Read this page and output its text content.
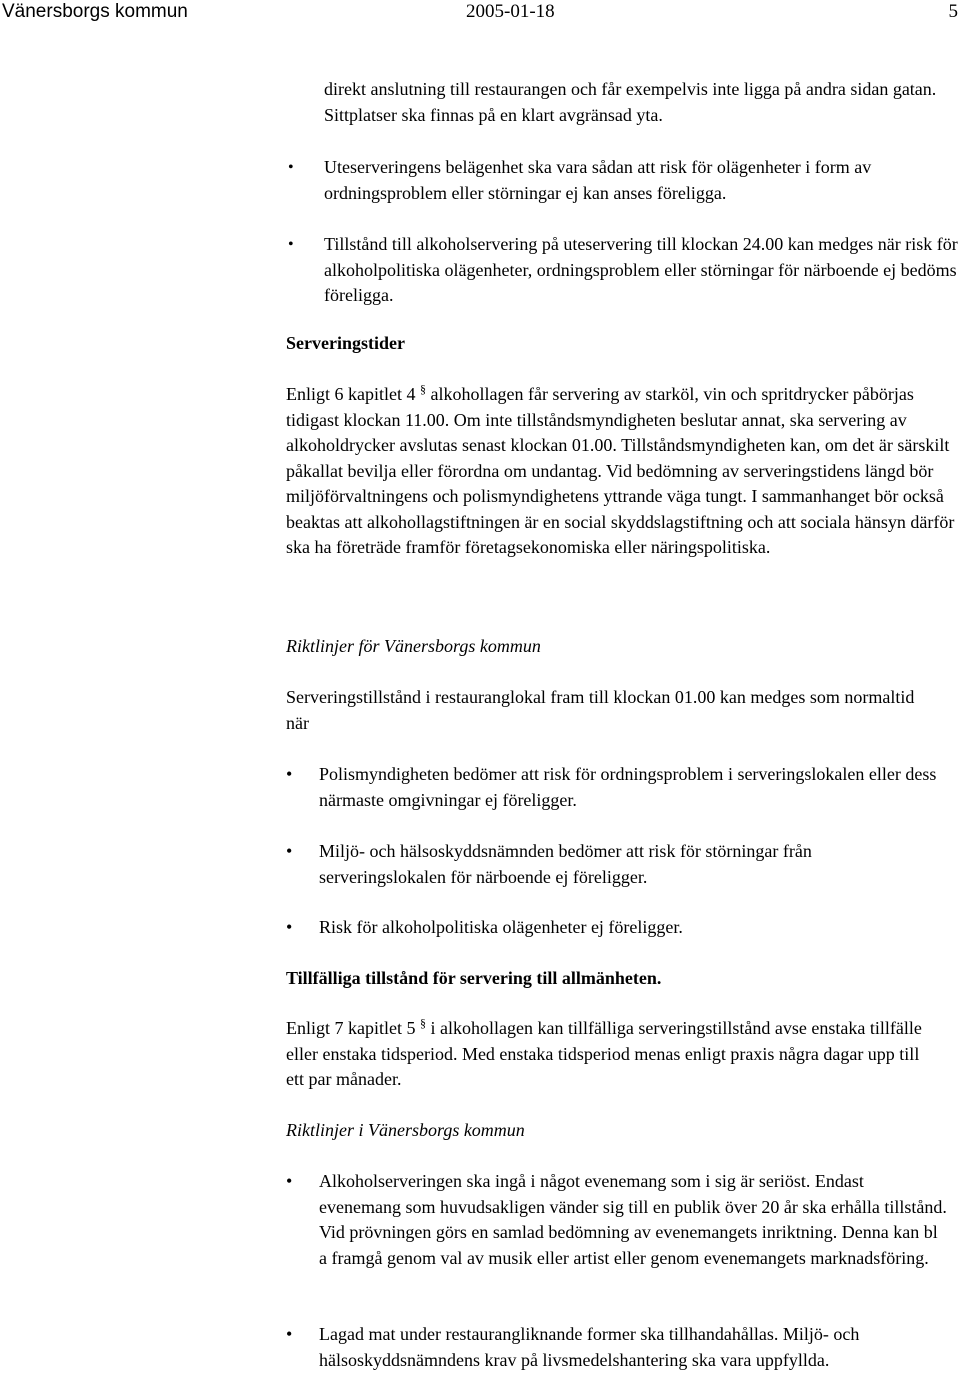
Vänersborgs kommun	2005-01-18	5

direkt anslutning till restaurangen och får exempelvis inte ligga på andra sidan gatan. Sittplatser ska finnas på en klart avgränsad yta.

• Uteserveringens belägenhet ska vara sådan att risk för olägenheter i form av ordningsproblem eller störningar ej kan anses föreligga.

• Tillstånd till alkoholservering på uteservering till klockan 24.00 kan medges när risk för alkoholpolitiska olägenheter, ordningsproblem eller störningar för närboende ej bedöms föreligga.

Serveringstider

Enligt 6 kapitlet 4 § alkohollagen får servering av starköl, vin och spritdrycker påbörjas tidigast klockan 11.00. Om inte tillståndsmyndigheten beslutar annat, ska servering av alkoholdrycker avslutas senast klockan 01.00. Tillståndsmyndigheten kan, om det är särskilt påkallat bevilja eller förordna om undantag. Vid bedömning av serveringstidens längd bör miljöförvaltningens och polismyndighetens yttrande väga tungt. I sammanhanget bör också beaktas att alkohollagstiftningen är en social skyddslagstiftning och att sociala hänsyn därför ska ha företräde framför företagsekonomiska eller näringspolitiska.

Riktlinjer för Vänersborgs kommun

Serveringstillstånd i restauranglokal fram till klockan 01.00 kan medges som normaltid när

• Polismyndigheten bedömer att risk för ordningsproblem i serveringslokalen eller dess närmaste omgivningar ej föreligger.

• Miljö- och hälsoskyddsnämnden bedömer att risk för störningar från serveringslokalen för närboende ej föreligger.

• Risk för alkoholpolitiska olägenheter ej föreligger.

Tillfälliga tillstånd för servering till allmänheten.

Enligt 7 kapitlet 5 § i alkohollagen kan tillfälliga serveringstillstånd avse enstaka tillfälle eller enstaka tidsperiod. Med enstaka tidsperiod menas enligt praxis några dagar upp till ett par månader.

Riktlinjer i Vänersborgs kommun
• Alkoholserveringen ska ingå i något evenemang som i sig är seriöst. Endast evenemang som huvudsakligen vänder sig till en publik över 20 år ska erhålla tillstånd. Vid prövningen görs en samlad bedömning av evenemangets inriktning. Denna kan bl a framgå genom val av musik eller artist eller genom evenemangets marknadsföring.

• Lagad mat under restaurangliknande former ska tillhandahållas. Miljö- och hälsoskyddsnämndens krav på livsmedelshantering ska vara uppfyllda.
